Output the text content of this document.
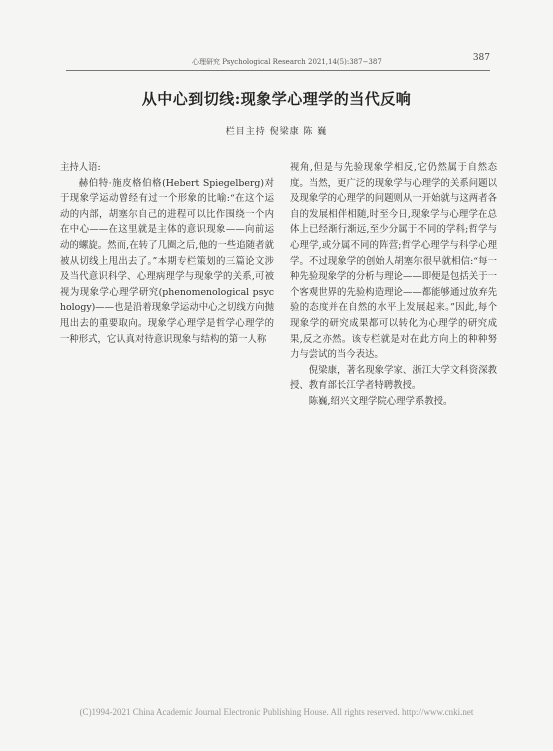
心理研究 Psychological Research 2021,14(5):387−387	387
从中心到切线:现象学心理学的当代反响
栏目主持 倪梁康 陈 巍

主持人语:

赫伯特·施皮格伯格(Hebert Spiegelberg)对于现象学运动曾经有过一个形象的比喻:“在这个运动的内部，胡塞尔自己的进程可以比作围绕一个内在中心——在这里就是主体的意识现象——向前运动的螺旋。然而,在转了几圈之后,他的一些追随者就被从切线上甩出去了。”本期专栏策划的三篇论文涉及当代意识科学、心理病理学与现象学的关系,可被视为现象学心理学研究(phenomenological psychology)——也是沿着现象学运动中心之切线方向抛甩出去的重要取向。现象学心理学是哲学心理学的一种形式，它认真对待意识现象与结构的第一人称

视角,但是与先验现象学相反,它仍然属于自然态度。当然，更广泛的现象学与心理学的关系问题以及现象学的心理学的问题则从一开始就与这两者各自的发展相伴相随,时至今日,现象学与心理学在总体上已经渐行渐远,至少分属于不同的学科;哲学与心理学,或分属不同的阵营;哲学心理学与科学心理学。不过现象学的创始人胡塞尔很早就相信:“每一种先验现象学的分析与理论——即便是包括关于一个客观世界的先验构造理论——都能够通过放弃先验的态度并在自然的水平上发展起来。”因此,每个现象学的研究成果都可以转化为心理学的研究成果,反之亦然。该专栏就是对在此方向上的种种努力与尝试的当今表达。

倪梁康，著名现象学家、浙江大学文科资深教授、教育部长江学者特聘教授。

陈巍,绍兴文理学院心理学系教授。

(C)1994-2021 China Academic Journal Electronic Publishing House. All rights reserved. http://www.cnki.net
